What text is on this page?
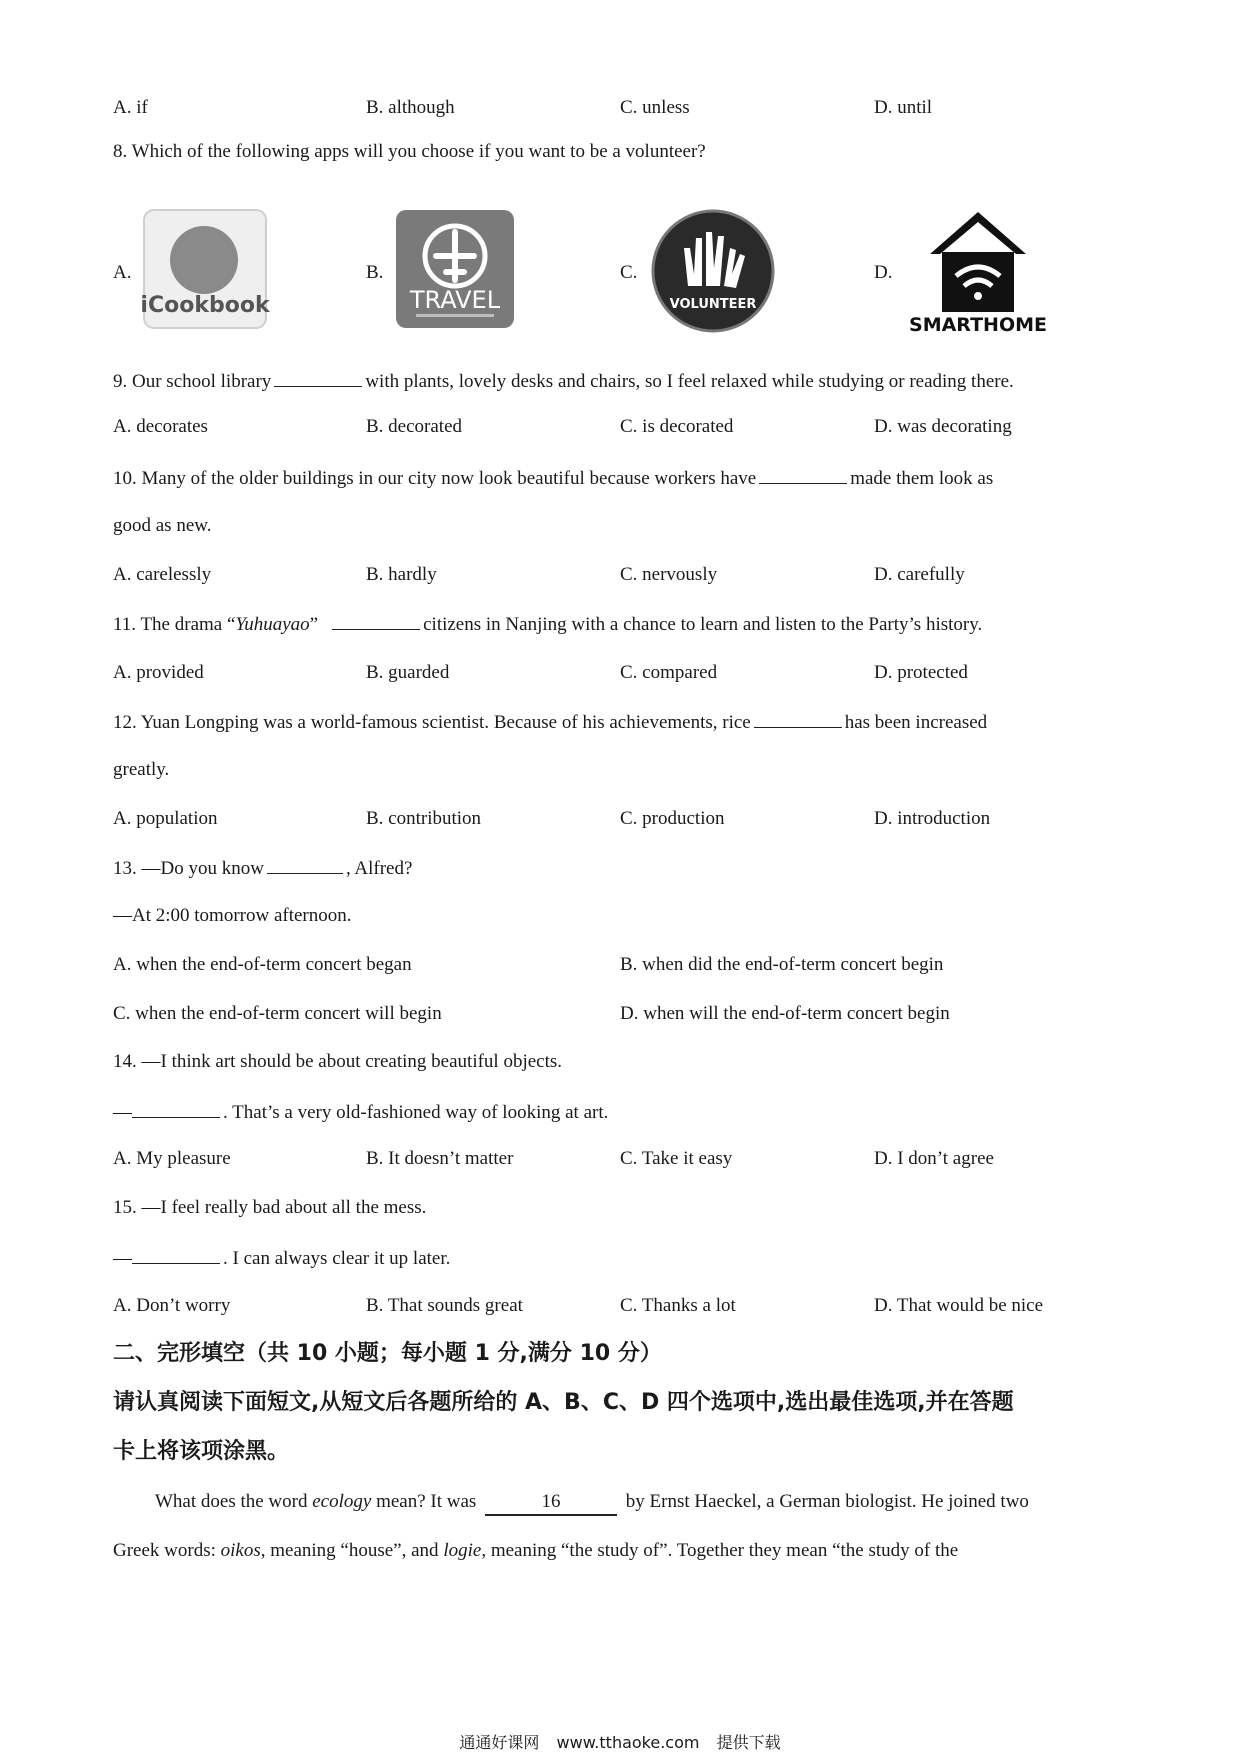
A. if	B. although	C. unless	D. until
8. Which of the following apps will you choose if you want to be a volunteer?
A.
iCookbook
B.
TRAVEL
C.
VOLUNTEER
D.
SMARTHOME
9. Our school library	with plants, lovely desks and chairs, so I feel relaxed while studying or reading there.
A. decorates	B. decorated	C. is decorated	D. was decorating
10. Many of the older buildings in our city now look beautiful because workers have	made them look as
good as new.
A. carelessly	B. hardly	C. nervously	D. carefully
11. The drama “Yuhuayao”	citizens in Nanjing with a chance to learn and listen to the Party’s history.
A. provided	B. guarded	C. compared	D. protected
12. Yuan Longping was a world-famous scientist. Because of his achievements, rice	has been increased
greatly.
A. population	B. contribution	C. production	D. introduction
13. —Do you know	, Alfred?
—At 2:00 tomorrow afternoon.
A. when the end-of-term concert began	B. when did the end-of-term concert begin
C. when the end-of-term concert will begin	D. when will the end-of-term concert begin
14. —I think art should be about creating beautiful objects.
—	. That’s a very old-fashioned way of looking at art.
A. My pleasure	B. It doesn’t matter	C. Take it easy	D. I don’t agree
15. —I feel really bad about all the mess.
—	. I can always clear it up later.
A. Don’t worry	B. That sounds great	C. Thanks a lot	D. That would be nice
二、完形填空（共 10 小题；每小题 1 分,满分 10 分）
请认真阅读下面短文,从短文后各题所给的 A、B、C、D 四个选项中,选出最佳选项,并在答题
卡上将该项涂黑。
What does the word ecology mean? It was	16	by Ernst Haeckel, a German biologist. He joined two
Greek words: oikos, meaning “house”, and logie, meaning “the study of”. Together they mean “the study of the
通通好课网 www.tthaoke.com 提供下载
